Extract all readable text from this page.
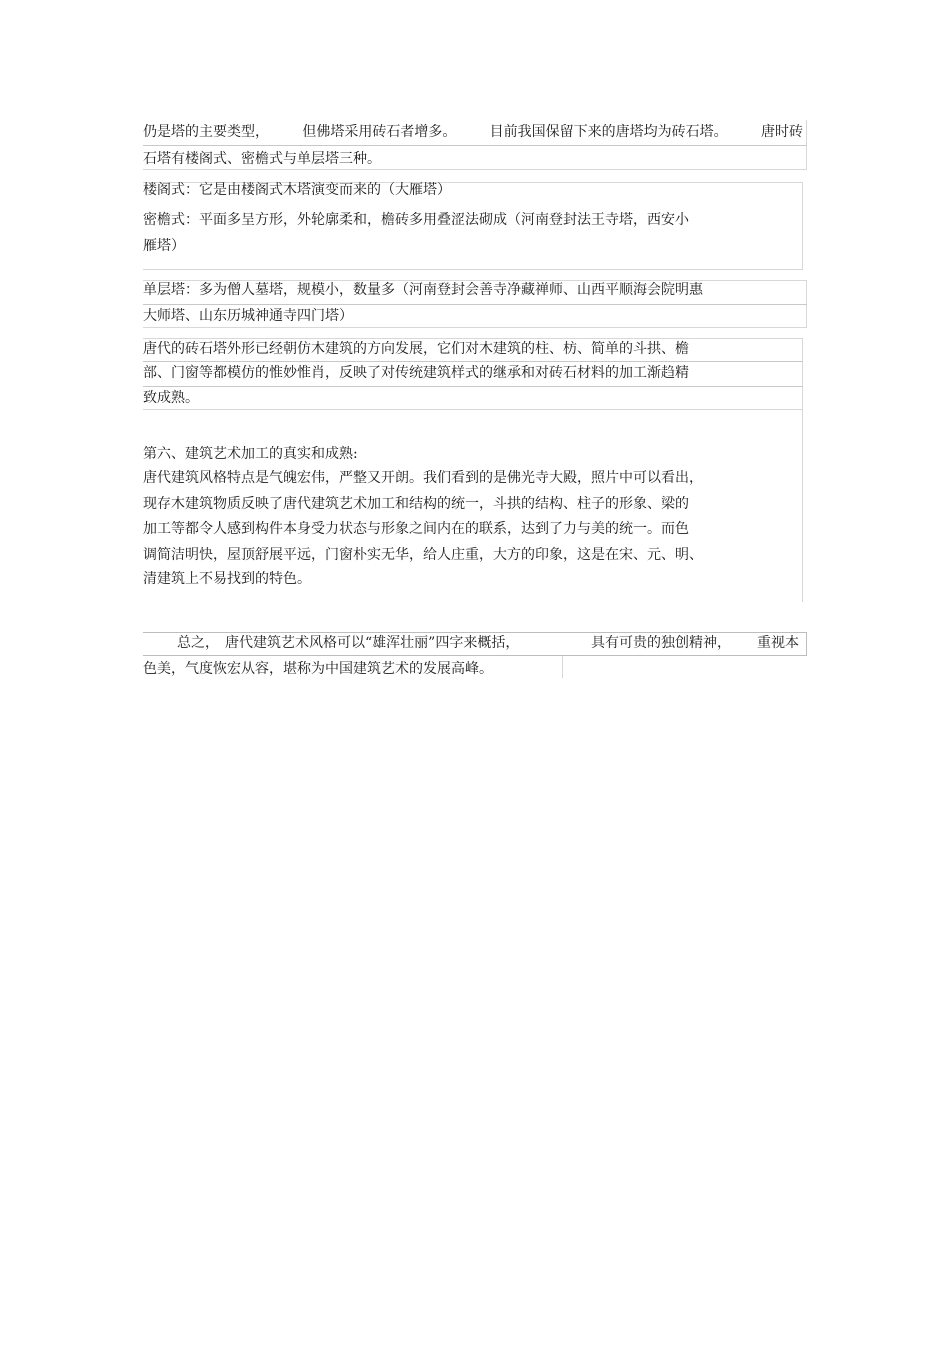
仍是塔的主要类型， 但佛塔采用砖石者增多。 目前我国保留下来的唐塔均为砖石塔。 唐时砖
石塔有楼阁式、密檐式与单层塔三种。
楼阁式：它是由楼阁式木塔演变而来的（大雁塔）
密檐式：平面多呈方形，外轮廓柔和，檐砖多用叠涩法砌成（河南登封法王寺塔，西安小
雁塔）
单层塔：多为僧人墓塔，规模小，数量多（河南登封会善寺净藏禅师、山西平顺海会院明惠
大师塔、山东历城神通寺四门塔）
唐代的砖石塔外形已经朝仿木建筑的方向发展，它们对木建筑的柱、枋、简单的斗拱、檐
部、门窗等都模仿的惟妙惟肖，反映了对传统建筑样式的继承和对砖石材料的加工渐趋精
致成熟。
第六、建筑艺术加工的真实和成熟:
唐代建筑风格特点是气魄宏伟，严整又开朗。我们看到的是佛光寺大殿，照片中可以看出，
现存木建筑物质反映了唐代建筑艺术加工和结构的统一，斗拱的结构、柱子的形象、梁的
加工等都令人感到构件本身受力状态与形象之间内在的联系，达到了力与美的统一。而色
调简洁明快，屋顶舒展平远，门窗朴实无华，给人庄重，大方的印象，这是在宋、元、明、
清建筑上不易找到的特色。
总之， 唐代建筑艺术风格可以“雄浑壮丽”四字来概括，	具有可贵的独创精神， 重视本
色美，气度恢宏从容，堪称为中国建筑艺术的发展高峰。
